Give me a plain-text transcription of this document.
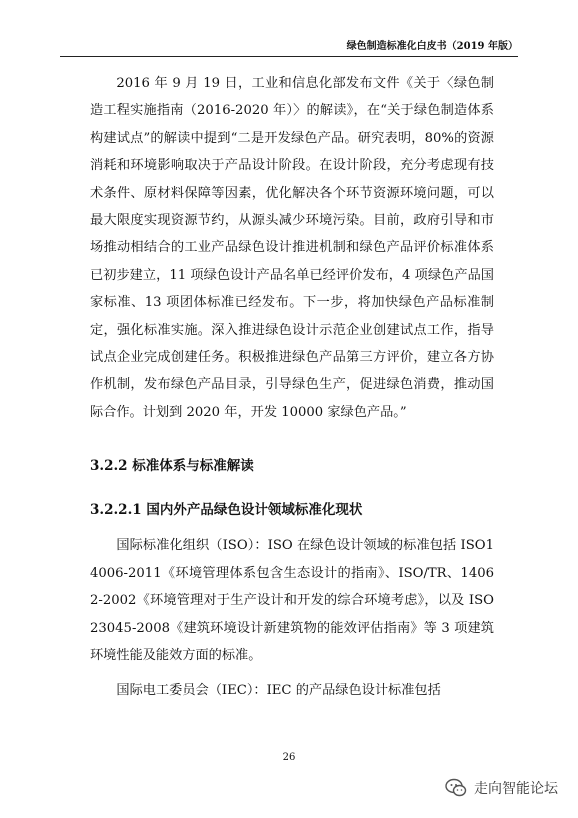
绿色制造标准化白皮书（2019 年版）

2016 年 9 月 19 日，工业和信息化部发布文件《关于〈绿色制造工程实施指南（2016-2020 年）〉的解读》，在“关于绿色制造体系构建试点”的解读中提到“二是开发绿色产品。研究表明，80%的资源消耗和环境影响取决于产品设计阶段。在设计阶段，充分考虑现有技术条件、原材料保障等因素，优化解决各个环节资源环境问题，可以最大限度实现资源节约，从源头减少环境污染。目前，政府引导和市场推动相结合的工业产品绿色设计推进机制和绿色产品评价标准体系已初步建立，11 项绿色设计产品名单已经评价发布，4 项绿色产品国家标准、13 项团体标准已经发布。下一步，将加快绿色产品标准制定，强化标准实施。深入推进绿色设计示范企业创建试点工作，指导试点企业完成创建任务。积极推进绿色产品第三方评价，建立各方协作机制，发布绿色产品目录，引导绿色生产，促进绿色消费，推动国际合作。计划到 2020 年，开发 10000 家绿色产品。”

3.2.2 标准体系与标准解读
3.2.2.1 国内外产品绿色设计领域标准化现状

国际标准化组织（ISO）：ISO 在绿色设计领域的标准包括 ISO14006-2011《环境管理体系包含生态设计的指南》、ISO/TR、14062-2002《环境管理对于生产设计和开发的综合环境考虑》，以及 ISO23045-2008《建筑环境设计新建筑物的能效评估指南》等 3 项建筑环境性能及能效方面的标准。

国际电工委员会（IEC）：IEC 的产品绿色设计标准包括

26
走向智能论坛
